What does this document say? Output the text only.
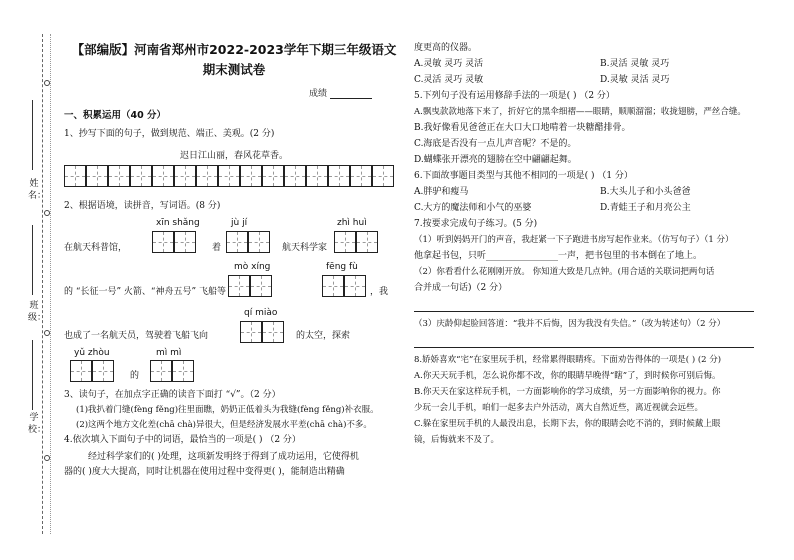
姓名：
班级：
学校：
【部编版】河南省郑州市2022-2023学年下期三年级语文
期末测试卷
成绩
一、积累运用（40 分）
1、抄写下面的句子，做到规范、端正、美观。(2 分)
迟日江山丽，春风花草香。
2、根据语境，读拼音，写词语。(8 分)
xīn shǎng	jù jí	zhì huì
在航天科普馆，	着	航天科学家
mò xíng	fēng fù
的 “长征一号” 火箭、“神舟五号” 飞船等	，我
qí miào
也成了一名航天员，驾驶着飞船飞向	的太空，探索
yǔ zhòu	mì mì
的
3、读句子，在加点字正确的读音下面打 “√”。（2 分）
(1)我扒着门缝(fèng fěng)往里面瞧，奶奶正低着头为我缝(fèng fěng)补衣服。
(2)这两个地方文化差(chā chà)异很大，但是经济发展水平差(chā chà)不多。
4.依次填入下面句子中的词语，最恰当的一项是( ) （2 分）
经过科学家们的( )处理，这项新发明终于得到了成功运用，它使得机
器的( )度大大提高，同时让机器在使用过程中变得更( )，能制造出精确
度更高的仪器。
A.灵敏 灵巧 灵活	B.灵活 灵敏 灵巧
C.灵活 灵巧 灵敏	D.灵敏 灵活 灵巧
5.下列句子没有运用修辞手法的一项是( ) （2 分）
A.飘曳款款地落下来了，折好它的黑伞细褶——眼睛，顺顺溜溜；收拢翅膀，严丝合缝。
B.我好像看见爸爸正在大口大口地啃着一块糖醋排骨。
C.海底是否没有一点儿声音呢？不是的。
D.蝴蝶张开漂亮的翅膀在空中翩翩起舞。
6.下面故事题目类型与其他不相同的一项是( ) （1 分）
A.胖驴和瘦马	B.大头儿子和小头爸爸
C.大方的魔法师和小气的巫婆	D.青蛙王子和月亮公主
7.按要求完成句子练习。(5 分)
（1）听到妈妈开门的声音，我赶紧一下子跑进书房写起作业来。（仿写句子）（1 分）
他拿起书包，只听________________一声，把书包里的书本倒在了地上。
（2）你看看什么花刚刚开放。 你知道大致是几点钟。(用合适的关联词把两句话
合并成一句话)（2 分）
（3）庆龄仰起脸回答道：“我并不后悔，因为我没有失信。”（改为转述句）（2 分）
8.娇娇喜欢“宅”在家里玩手机，经常累得眼睛疼。下面劝告得体的一项是( ) (2 分)
A.你天天玩手机，怎么说你都不改，你的眼睛早晚得“瞎”了，到时候你可别后悔。
B.你天天在家这样玩手机，一方面影响你的学习成绩，另一方面影响你的视力。你
少玩一会儿手机，咱们一起多去户外活动，离大自然近些，离近视就会远些。
C.躲在家里玩手机的人最没出息，长期下去，你的眼睛会吃不消的，到时候戴上眼
镜，后悔就来不及了。
